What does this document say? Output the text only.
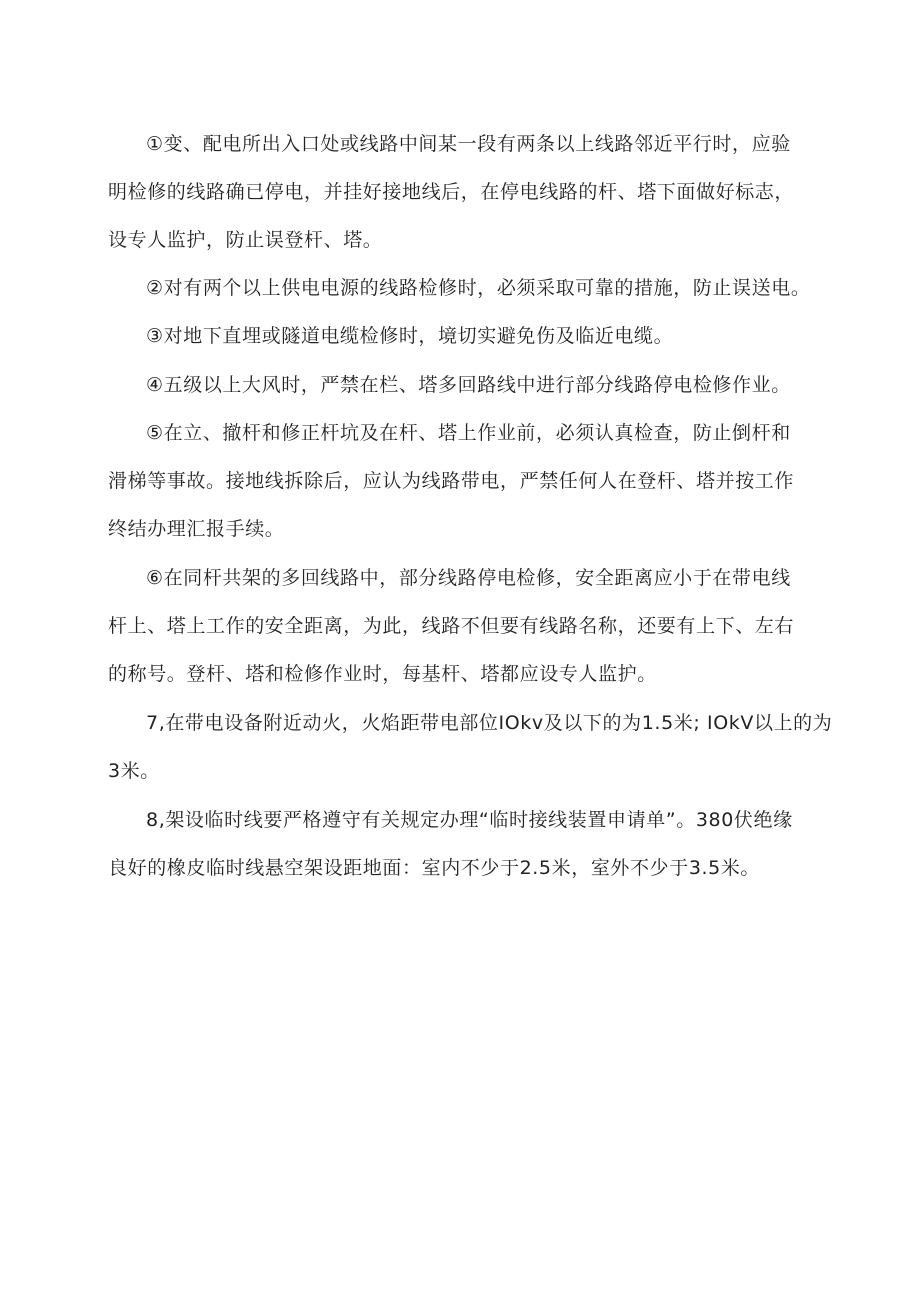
①变、配电所出入口处或线路中间某一段有两条以上线路邻近平行时，应验
明检修的线路确已停电，并挂好接地线后，在停电线路的杆、塔下面做好标志，
设专人监护，防止误登杆、塔。
②对有两个以上供电电源的线路检修时，必须采取可靠的措施，防止误送电。
③对地下直埋或隧道电缆检修时，境切实避免伤及临近电缆。
④五级以上大风时，严禁在栏、塔多回路线中进行部分线路停电检修作业。
⑤在立、撤杆和修正杆坑及在杆、塔上作业前，必须认真检查，防止倒杆和
滑梯等事故。接地线拆除后，应认为线路带电，严禁任何人在登杆、塔并按工作
终结办理汇报手续。
⑥在同杆共架的多回线路中，部分线路停电检修，安全距离应小于在带电线
杆上、塔上工作的安全距离，为此，线路不但要有线路名称，还要有上下、左右
的称号。登杆、塔和检修作业时，每基杆、塔都应设专人监护。
7,在带电设备附近动火，火焰距带电部位IOkv及以下的为1.5米; IOkV以上的为
3米。
8,架设临时线要严格遵守有关规定办理“临时接线装置申请单”。380伏绝缘
良好的橡皮临时线悬空架设距地面：室内不少于2.5米，室外不少于3.5米。
